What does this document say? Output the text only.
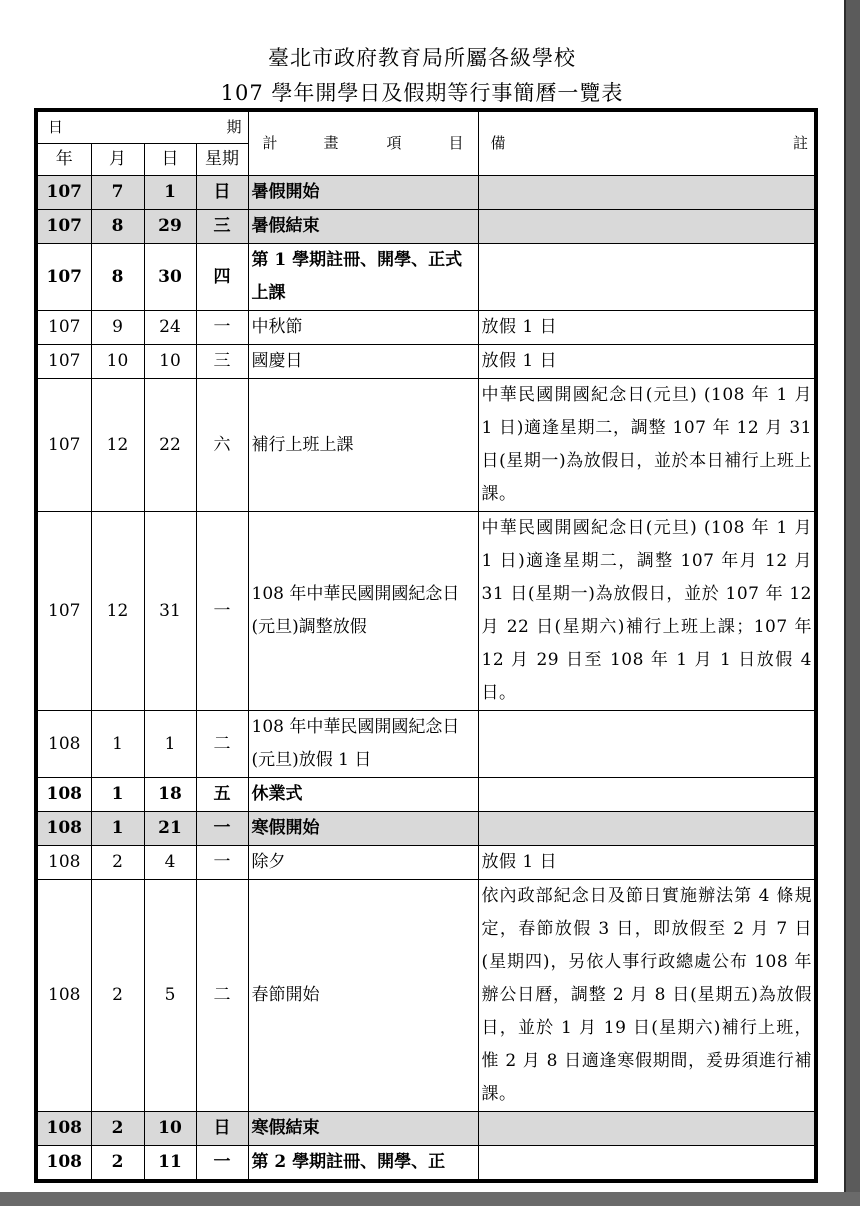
臺北市政府教育局所屬各級學校
107 學年開學日及假期等行事簡曆一覽表
日 期				計 畫 項 目	備 註

年	月	日	星期		
107	7	1	日	暑假開始	
107	8	29	三	暑假結束	
107	8	30	四	第 1 學期註冊、開學、正式上課	
107	9	24	一	中秋節	放假 1 日
107	10	10	三	國慶日	放假 1 日
107	12	22	六	補行上班上課	中華民國開國紀念日(元旦) (108 年 1 月 1 日)適逢星期二，調整 107 年 12 月 31 日(星期一)為放假日，並於本日補行上班上課。
107	12	31	一	108 年中華民國開國紀念日(元旦)調整放假	中華民國開國紀念日(元旦) (108 年 1 月 1 日)適逢星期二，調整 107 年月 12 月 31 日(星期一)為放假日，並於 107 年 12 月 22 日(星期六)補行上班上課；107 年 12 月 29 日至 108 年 1 月 1 日放假 4 日。
108	1	1	二	108 年中華民國開國紀念日(元旦)放假 1 日	
108	1	18	五	休業式	
108	1	21	一	寒假開始	
108	2	4	一	除夕	放假 1 日
108	2	5	二	春節開始	依內政部紀念日及節日實施辦法第 4 條規定，春節放假 3 日，即放假至 2 月 7 日(星期四)，另依人事行政總處公布 108 年辦公日曆，調整 2 月 8 日(星期五)為放假日，並於 1 月 19 日(星期六)補行上班，惟 2 月 8 日適逢寒假期間，爰毋須進行補課。
108	2	10	日	寒假結束	
108	2	11	一	第 2 學期註冊、開學、正	
